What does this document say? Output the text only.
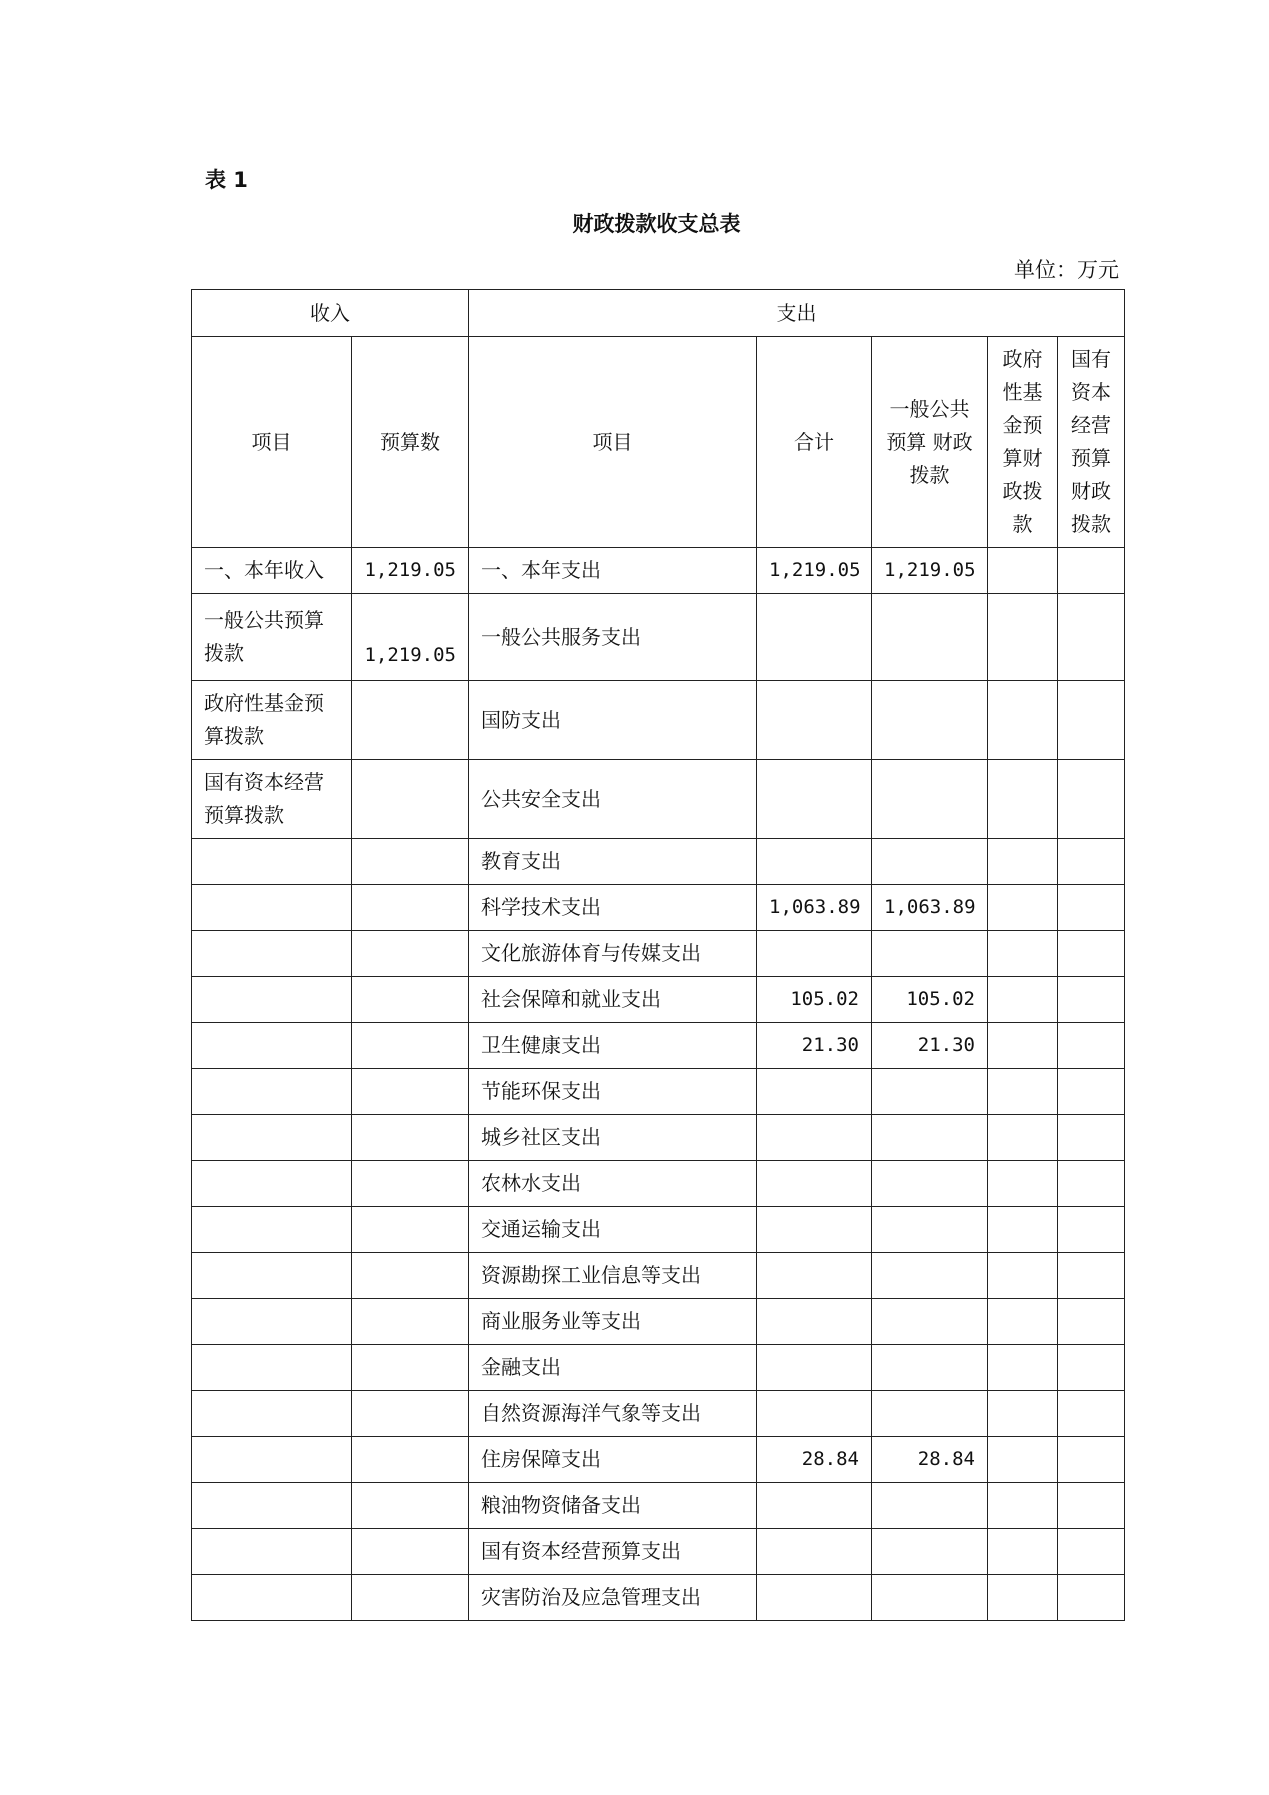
表 1
财政拨款收支总表
单位：万元
收入		支出				
项目	预算数	项目	合计	一般公共预算 财政拨款	政府性基金预算财政拨款	国有资本经营预算财政拨款
一、本年收入	1,219.05	一、本年支出	1,219.05	1,219.05		
一般公共预算拨款	1,219.05	一般公共服务支出				
政府性基金预算拨款		国防支出				
国有资本经营预算拨款		公共安全支出				
		教育支出				
		科学技术支出	1,063.89	1,063.89		
		文化旅游体育与传媒支出				
		社会保障和就业支出	105.02	105.02		
		卫生健康支出	21.30	21.30		
		节能环保支出				
		城乡社区支出				
		农林水支出				
		交通运输支出				
		资源勘探工业信息等支出				
		商业服务业等支出				
		金融支出				
		自然资源海洋气象等支出				
		住房保障支出	28.84	28.84		
		粮油物资储备支出				
		国有资本经营预算支出				
		灾害防治及应急管理支出				
